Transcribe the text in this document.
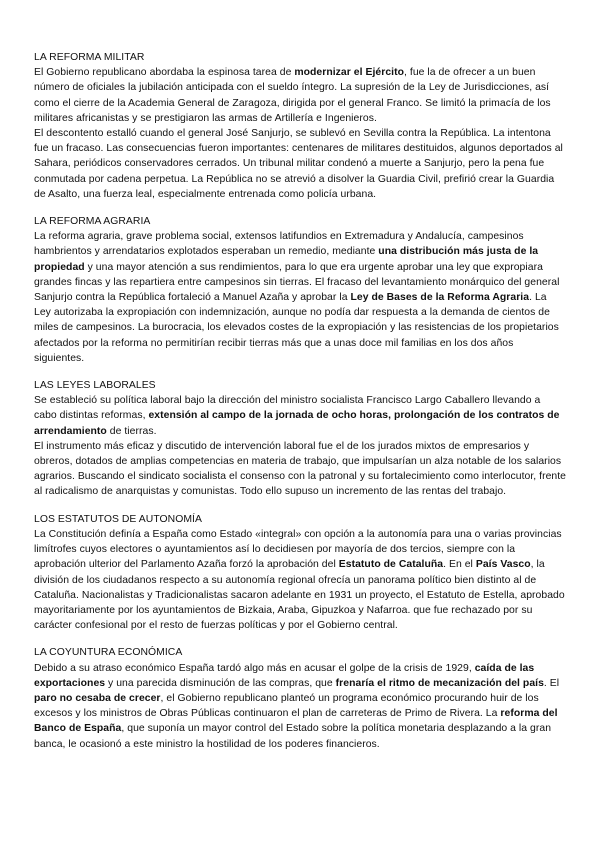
LA REFORMA MILITAR
El Gobierno republicano abordaba la espinosa tarea de modernizar el Ejército, fue la de ofrecer a un buen número de oficiales la jubilación anticipada con el sueldo íntegro. La supresión de la Ley de Jurisdicciones, así como el cierre de la Academia General de Zaragoza, dirigida por el general Franco. Se limitó la primacía de los militares africanistas y se prestigiaron las armas de Artillería e Ingenieros.
El descontento estalló cuando el general José Sanjurjo, se sublevó en Sevilla contra la República. La intentona fue un fracaso. Las consecuencias fueron importantes: centenares de militares destituidos, algunos deportados al Sahara, periódicos conservadores cerrados. Un tribunal militar condenó a muerte a Sanjurjo, pero la pena fue conmutada por cadena perpetua. La República no se atrevió a disolver la Guardia Civil, prefirió crear la Guardia de Asalto, una fuerza leal, especialmente entrenada como policía urbana.
LA REFORMA AGRARIA
La reforma agraria, grave problema social, extensos latifundios en Extremadura y Andalucía, campesinos hambrientos y arrendatarios explotados esperaban un remedio, mediante una distribución más justa de la propiedad y una mayor atención a sus rendimientos, para lo que era urgente aprobar una ley que expropiara grandes fincas y las repartiera entre campesinos sin tierras. El fracaso del levantamiento monárquico del general Sanjurjo contra la República fortaleció a Manuel Azaña y aprobar la Ley de Bases de la Reforma Agraria. La Ley autorizaba la expropiación con indemnización, aunque no podía dar respuesta a la demanda de cientos de miles de campesinos. La burocracia, los elevados costes de la expropiación y las resistencias de los propietarios afectados por la reforma no permitirían recibir tierras más que a unas doce mil familias en los dos años siguientes.
LAS LEYES LABORALES
Se estableció su política laboral bajo la dirección del ministro socialista Francisco Largo Caballero llevando a cabo distintas reformas, extensión al campo de la jornada de ocho horas, prolongación de los contratos de arrendamiento de tierras.
El instrumento más eficaz y discutido de intervención laboral fue el de los jurados mixtos de empresarios y obreros, dotados de amplias competencias en materia de trabajo, que impulsarían un alza notable de los salarios agrarios. Buscando el sindicato socialista el consenso con la patronal y su fortalecimiento como interlocutor, frente al radicalismo de anarquistas y comunistas. Todo ello supuso un incremento de las rentas del trabajo.
LOS ESTATUTOS DE AUTONOMÍA
La Constitución definía a España como Estado «integral» con opción a la autonomía para una o varias provincias limítrofes cuyos electores o ayuntamientos así lo decidiesen por mayoría de dos tercios, siempre con la aprobación ulterior del Parlamento Azaña forzó la aprobación del Estatuto de Cataluña. En el País Vasco, la división de los ciudadanos respecto a su autonomía regional ofrecía un panorama político bien distinto al de Cataluña. Nacionalistas y Tradicionalistas sacaron adelante en 1931 un proyecto, el Estatuto de Estella, aprobado mayoritariamente por los ayuntamientos de Bizkaia, Araba, Gipuzkoa y Nafarroa. que fue rechazado por su carácter confesional por el resto de fuerzas políticas y por el Gobierno central.
LA COYUNTURA ECONÓMICA
Debido a su atraso económico España tardó algo más en acusar el golpe de la crisis de 1929, caída de las exportaciones y una parecida disminución de las compras, que frenaría el ritmo de mecanización del país. El paro no cesaba de crecer, el Gobierno republicano planteó un programa económico procurando huir de los excesos y los ministros de Obras Públicas continuaron el plan de carreteras de Primo de Rivera. La reforma del Banco de España, que suponía un mayor control del Estado sobre la política monetaria desplazando a la gran banca, le ocasionó a este ministro la hostilidad de los poderes financieros.
